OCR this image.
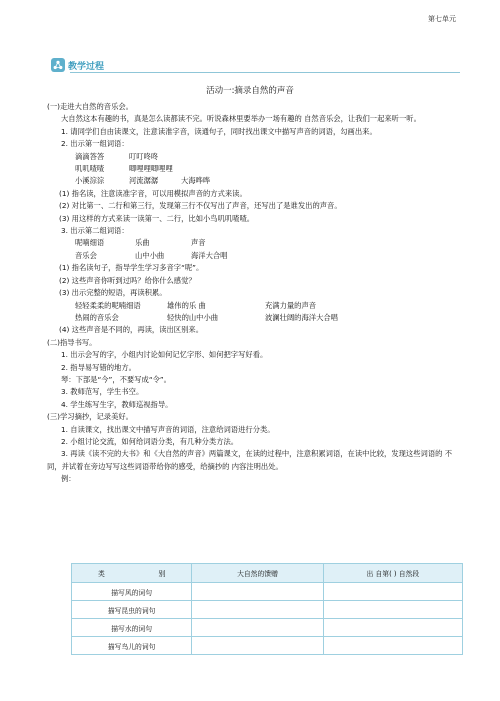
第七单元
教学过程
活动一:摘录自然的声音

(一)走进大自然的音乐会。

大自然这本有趣的书，真是怎么读都读不完。听说森林里要举办一场有趣的 自然音乐会，让我们一起来听一听。

1. 请同学们自由读课文，注意读准字音，读通句子，同时找出课文中描写声音的词语，勾画出来。

2. 出示第一组词语：

滴滴答答	叮叮咚咚
叽叽喳喳	唧哩哩唧哩哩
小溪淙淙	河流潺潺	大海哗哗

(1) 指名读，注意读准字音，可以用模拟声音的方式来读。

(2) 对比第一、二行和第三行，发现第三行不仅写出了声音，还写出了是谁发出的声音。

(3) 用这样的方式来读一读第一、二行，比如小鸟叽叽喳喳。

3. 出示第二组词语：

呢喃细语	乐曲	声音
音乐会	山中小曲	海洋大合唱

(1) 指名读句子，指导学生学习多音字“呢”。

(2) 这些声音你听到过吗？给你什么感觉？

(3) 出示完整的短语，再读积累。

轻轻柔柔的呢喃细语	雄伟的乐 曲	充满力量的声音
热闹的音乐会	轻快的山中小曲	波澜壮阔的海洋大合唱

(4) 这些声音是不同的，再读，读出区别来。

(二)指导书写。

1. 出示会写的字，小组内讨论如何记忆字形、如何把字写好看。

2. 指导易写错的地方。

琴：下部是“今”，不要写成“令”。

3. 教师范写，学生书空。

4. 学生练写生字，教师巡视指导。

(三)学习摘抄，记录美好。

1. 自读课文，找出课文中描写声音的词语，注意给词语进行分类。

2. 小组讨论交流，如何给词语分类，有几种分类方法。

3. 再读《读不完的大书》和《大自然的声音》两篇课文，在读的过程中，注意积累词语，在读中比较，发现这些词语的 不同，并试着在旁边写写这些词语带给你的感受，给摘抄的 内容注明出处。

例：

类 别	大自然的馈赠	出 自第( ) 自然段
描写风的词句		
描写昆虫的词句		
描写水的词句		
描写鸟儿的词句		
